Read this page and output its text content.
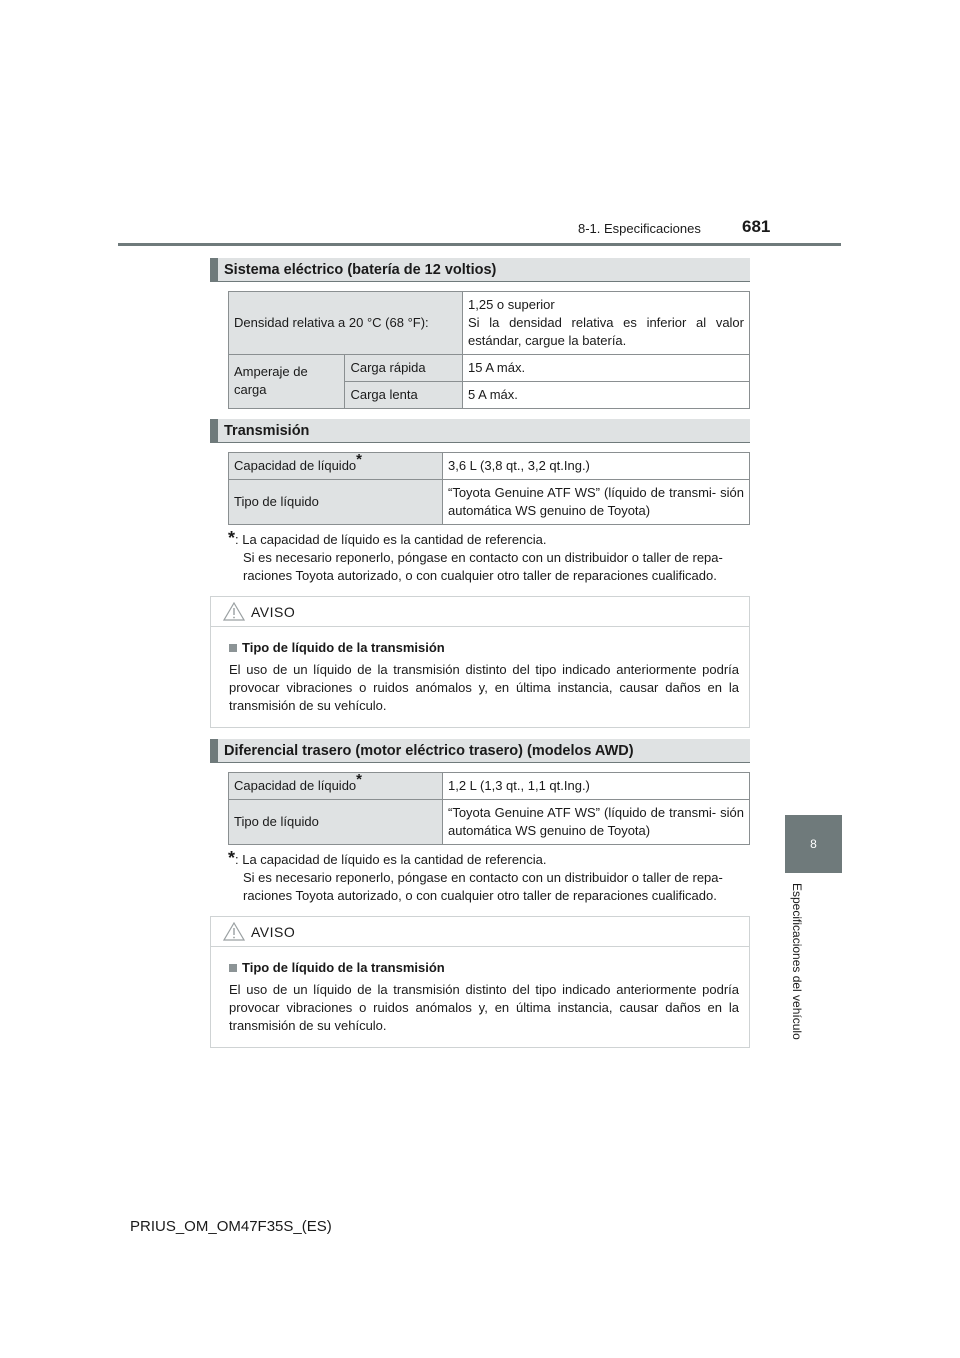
8-1. Especificaciones 681
8
Especificaciones del vehículo
Sistema eléctrico (batería de 12 voltios)
Densidad relativa a 20 °C (68 °F):		1,25 o superior
Si la densidad relativa es inferior al valor estándar, cargue la batería.

Amperaje de carga	Carga rápida	15 A máx.
	Carga lenta	5 A máx.
Transmisión
Capacidad de líquido*	3,6 L (3,8 qt., 3,2 qt.Ing.)
Tipo de líquido	“Toyota Genuine ATF WS” (líquido de transmi- sión automática WS genuino de Toyota)
*: La capacidad de líquido es la cantidad de referencia.
Si es necesario reponerlo, póngase en contacto con un distribuidor o taller de repa- raciones Toyota autorizado, o con cualquier otro taller de reparaciones cualificado.
AVISO
Tipo de líquido de la transmisión
El uso de un líquido de la transmisión distinto del tipo indicado anteriormente podría provocar vibraciones o ruidos anómalos y, en última instancia, causar daños en la transmisión de su vehículo.
Diferencial trasero (motor eléctrico trasero) (modelos AWD)
Capacidad de líquido*	1,2 L (1,3 qt., 1,1 qt.Ing.)
Tipo de líquido	“Toyota Genuine ATF WS” (líquido de transmi- sión automática WS genuino de Toyota)
*: La capacidad de líquido es la cantidad de referencia.
Si es necesario reponerlo, póngase en contacto con un distribuidor o taller de repa- raciones Toyota autorizado, o con cualquier otro taller de reparaciones cualificado.
AVISO
Tipo de líquido de la transmisión
El uso de un líquido de la transmisión distinto del tipo indicado anteriormente podría provocar vibraciones o ruidos anómalos y, en última instancia, causar daños en la transmisión de su vehículo.
PRIUS_OM_OM47F35S_(ES)
